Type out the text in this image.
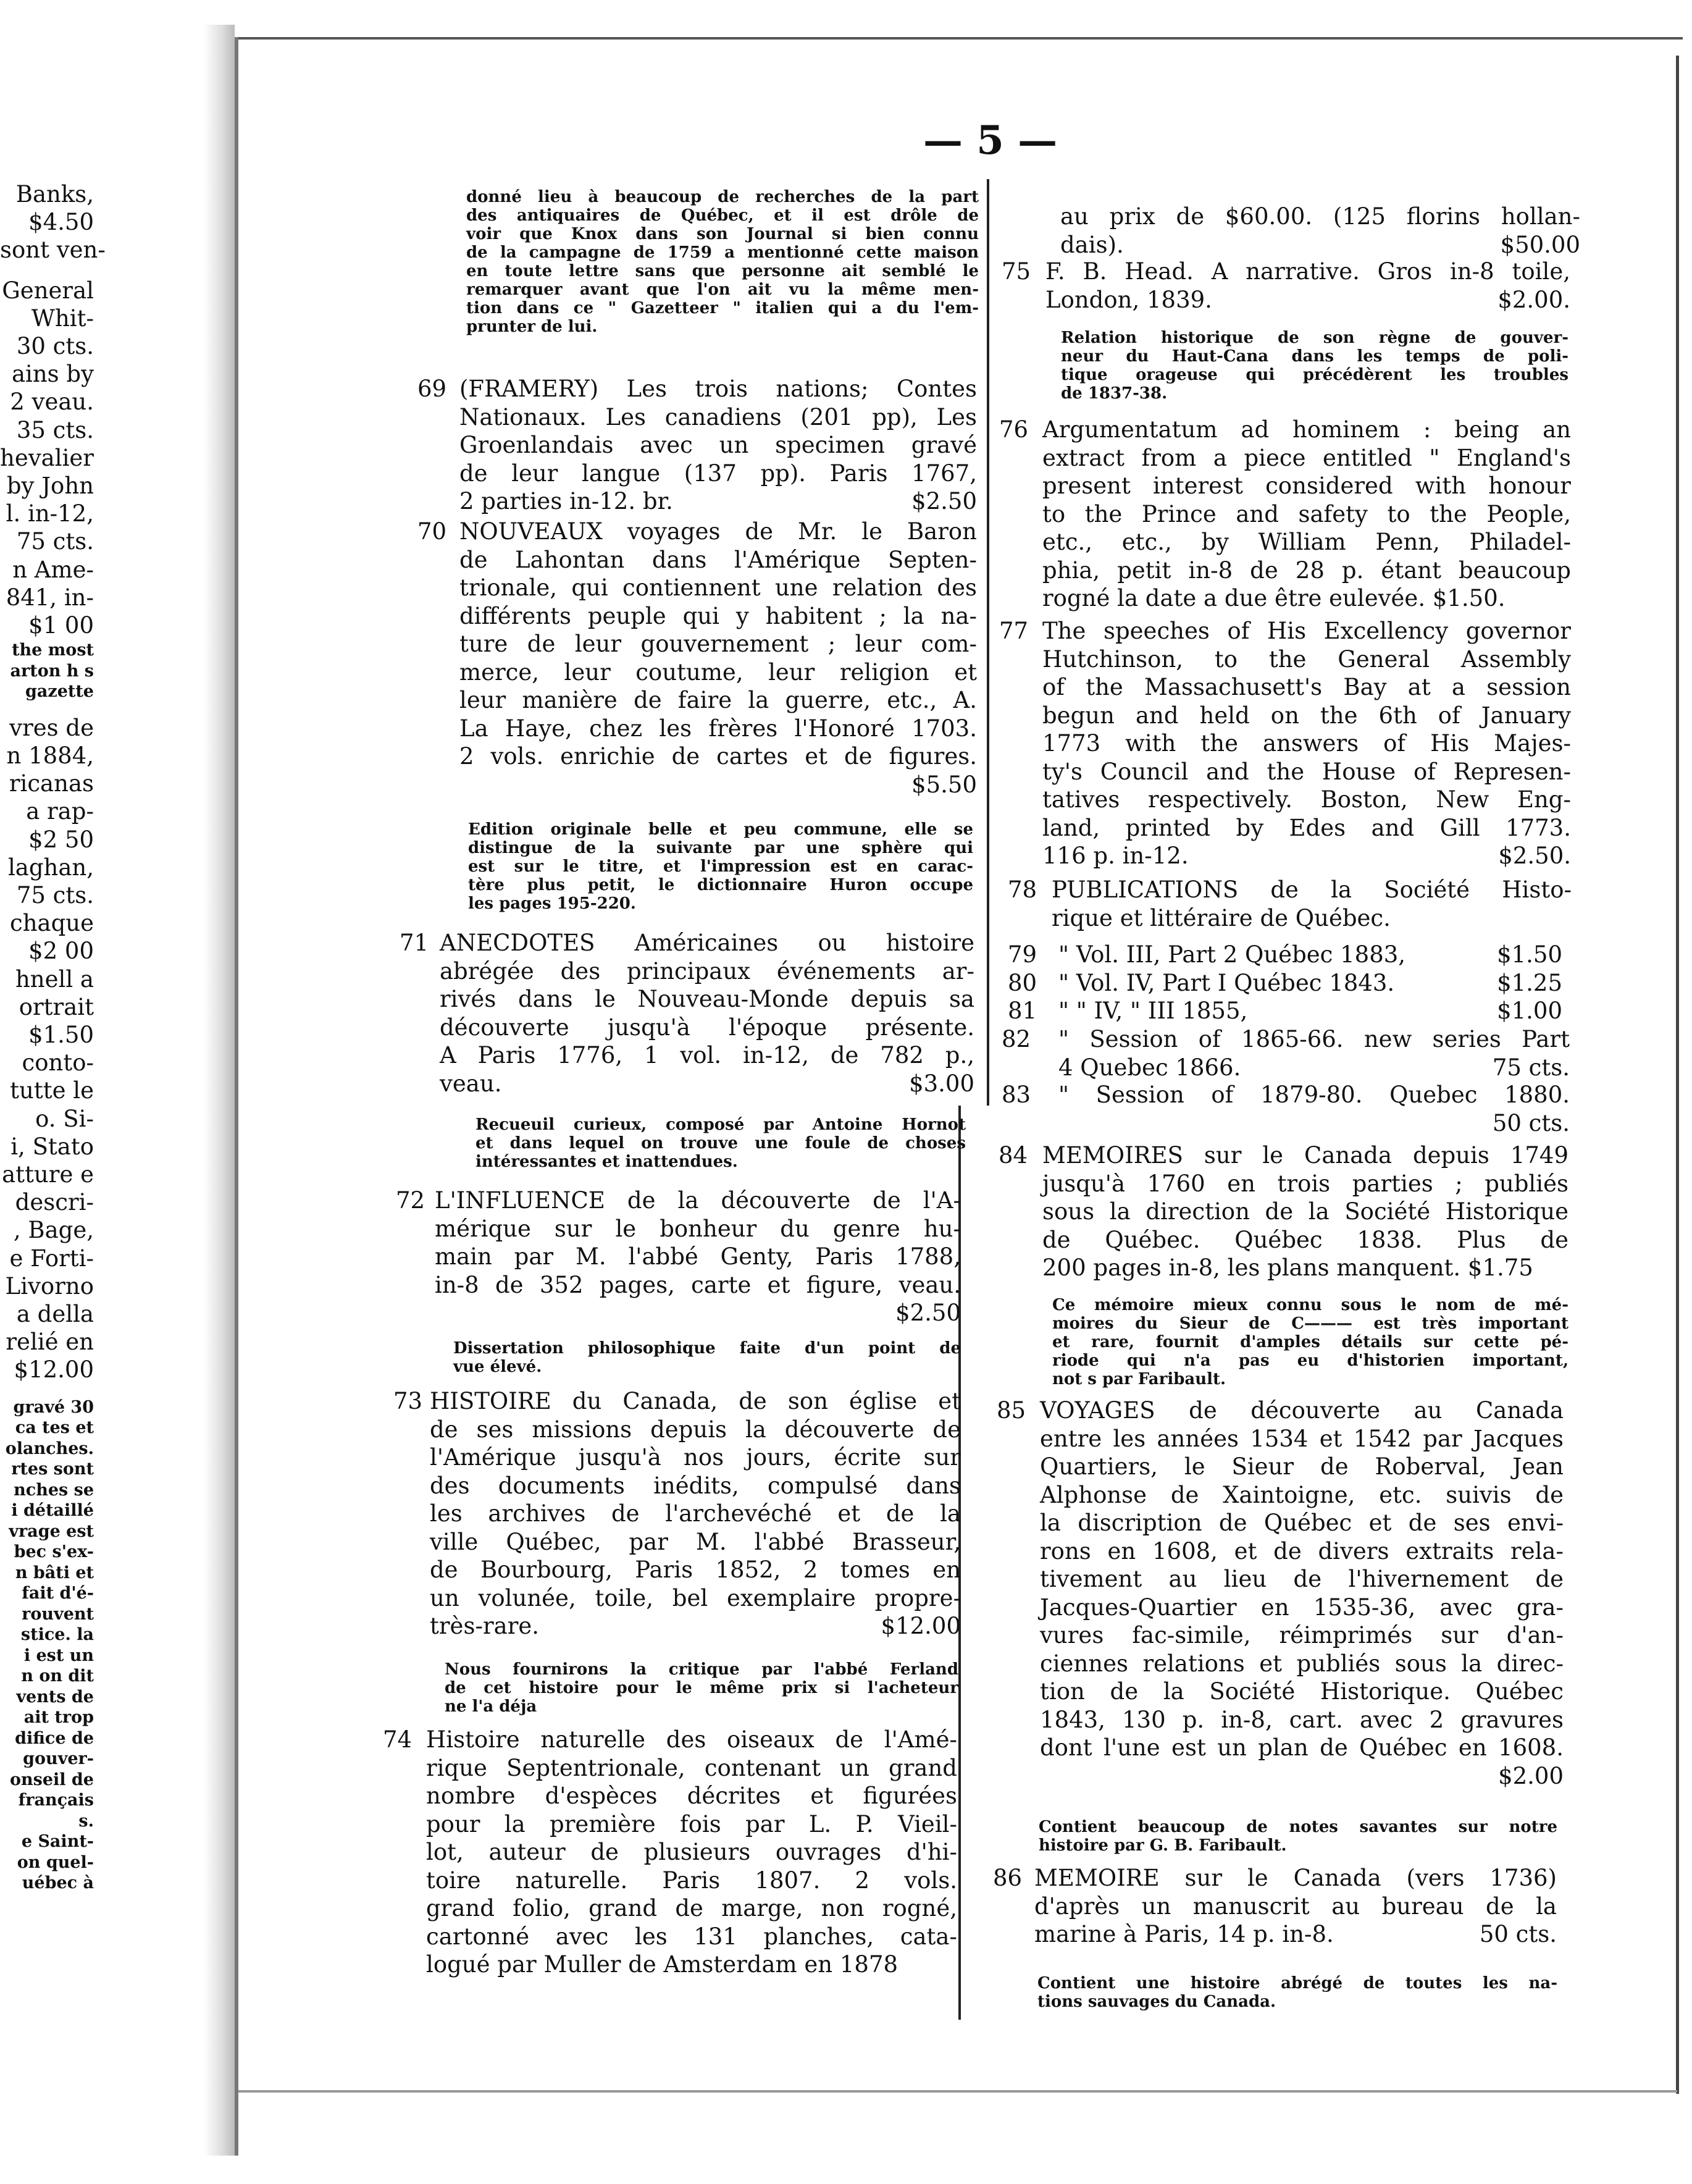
— 5 —
Banks,
$4.50
sont ven-
General
Whit-
30 cts.
ains by
2 veau.
35 cts.
hevalier
by John
l. in-12,
75 cts.
n Ame-
841, in-
$1 00
the most
arton h s
gazette
vres de
n 1884,
ricanas
a rap-
$2 50
laghan,
75 cts.
chaque
$2 00
hnell a
ortrait
$1.50
conto-
tutte le
o. Si-
i, Stato
atture e
descri-
, Bage,
e Forti-
Livorno
a della
relié en
$12.00
gravé 30
ca tes et
olanches.
rtes sont
nches se
i détaillé
vrage est
bec s'ex-
n bâti et
fait d'é-
rouvent
stice. la
i est un
n on dit
vents de
ait trop
difice de
gouver-
onseil de
français
s.
e Saint-
on quel-
uébec à
donné lieu à beaucoup de recherches de la part
des antiquaires de Québec, et il est drôle de
voir que Knox dans son Journal si bien connu
de la campagne de 1759 a mentionné cette maison
en toute lettre sans que personne ait semblé le
remarquer avant que l'on ait vu la même men-
tion dans ce " Gazetteer " italien qui a du l'em-
prunter de lui.
69 (FRAMERY) Les trois nations; Contes
Nationaux. Les canadiens (201 pp), Les
Groenlandais avec un specimen gravé
de leur langue (137 pp). Paris 1767,
2 parties in-12. br.	$2.50
70 NOUVEAUX voyages de Mr. le Baron
de Lahontan dans l'Amérique Septen-
trionale, qui contiennent une relation des
différents peuple qui y habitent ; la na-
ture de leur gouvernement ; leur com-
merce, leur coutume, leur religion et
leur manière de faire la guerre, etc., A.
La Haye, chez les frères l'Honoré 1703.
2 vols. enrichie de cartes et de figures.
$5.50
Edition originale belle et peu commune, elle se
distingue de la suivante par une sphère qui
est sur le titre, et l'impression est en carac-
tère plus petit, le dictionnaire Huron occupe
les pages 195-220.
71 ANECDOTES Américaines ou histoire
abrégée des principaux événements ar-
rivés dans le Nouveau-Monde depuis sa
découverte jusqu'à l'époque présente.
A Paris 1776, 1 vol. in-12, de 782 p.,
veau.	$3.00
Recueuil curieux, composé par Antoine Hornot
et dans lequel on trouve une foule de choses
intéressantes et inattendues.
72 L'INFLUENCE de la découverte de l'A-
mérique sur le bonheur du genre hu-
main par M. l'abbé Genty, Paris 1788,
in-8 de 352 pages, carte et figure, veau.
$2.50
Dissertation philosophique faite d'un point de
vue élevé.
73 HISTOIRE du Canada, de son église et
de ses missions depuis la découverte de
l'Amérique jusqu'à nos jours, écrite sur
des documents inédits, compulsé dans
les archives de l'archevéché et de la
ville Québec, par M. l'abbé Brasseur,
de Bourbourg, Paris 1852, 2 tomes en
un volunée, toile, bel exemplaire propre-
très-rare.	$12.00
Nous fournirons la critique par l'abbé Ferland
de cet histoire pour le même prix si l'acheteur
ne l'a déja
74 Histoire naturelle des oiseaux de l'Amé-
rique Septentrionale, contenant un grand
nombre d'espèces décrites et figurées
pour la première fois par L. P. Vieil-
lot, auteur de plusieurs ouvrages d'hi-
toire naturelle. Paris 1807. 2 vols.
grand folio, grand de marge, non rogné,
cartonné avec les 131 planches, cata-
logué par Muller de Amsterdam en 1878
au prix de $60.00. (125 florins hollan-
dais).	$50.00
75 F. B. Head. A narrative. Gros in-8 toile,
London, 1839.	$2.00.
Relation historique de son règne de gouver-
neur du Haut-Cana dans les temps de poli-
tique orageuse qui précédèrent les troubles
de 1837-38.
76 Argumentatum ad hominem : being an
extract from a piece entitled " England's
present interest considered with honour
to the Prince and safety to the People,
etc., etc., by William Penn, Philadel-
phia, petit in-8 de 28 p. étant beaucoup
rogné la date a due être eulevée. $1.50.
77 The speeches of His Excellency governor
Hutchinson, to the General Assembly
of the Massachusett's Bay at a session
begun and held on the 6th of January
1773 with the answers of His Majes-
ty's Council and the House of Represen-
tatives respectively. Boston, New Eng-
land, printed by Edes and Gill 1773.
116 p. in-12.	$2.50.
78 PUBLICATIONS de la Société Histo-
rique et littéraire de Québec.
79 " Vol. III, Part 2 Québec 1883,	$1.50
80 " Vol. IV, Part I Québec 1843.	$1.25
81 " " IV, " III 1855,	$1.00
82 " Session of 1865-66. new series Part
4 Quebec 1866.	75 cts.
83 " Session of 1879-80. Quebec 1880.
50 cts.
84 MEMOIRES sur le Canada depuis 1749
jusqu'à 1760 en trois parties ; publiés
sous la direction de la Société Historique
de Québec. Québec 1838. Plus de
200 pages in-8, les plans manquent. $1.75
Ce mémoire mieux connu sous le nom de mé-
moires du Sieur de C——— est très important
et rare, fournit d'amples détails sur cette pé-
riode qui n'a pas eu d'historien important,
not s par Faribault.
85 VOYAGES de découverte au Canada
entre les années 1534 et 1542 par Jacques
Quartiers, le Sieur de Roberval, Jean
Alphonse de Xaintoigne, etc. suivis de
la discription de Québec et de ses envi-
rons en 1608, et de divers extraits rela-
tivement au lieu de l'hivernement de
Jacques-Quartier en 1535-36, avec gra-
vures fac-simile, réimprimés sur d'an-
ciennes relations et publiés sous la direc-
tion de la Société Historique. Québec
1843, 130 p. in-8, cart. avec 2 gravures
dont l'une est un plan de Québec en 1608.
$2.00
Contient beaucoup de notes savantes sur notre
histoire par G. B. Faribault.
86 MEMOIRE sur le Canada (vers 1736)
d'après un manuscrit au bureau de la
marine à Paris, 14 p. in-8.	50 cts.
Contient une histoire abrégé de toutes les na-
tions sauvages du Canada.
